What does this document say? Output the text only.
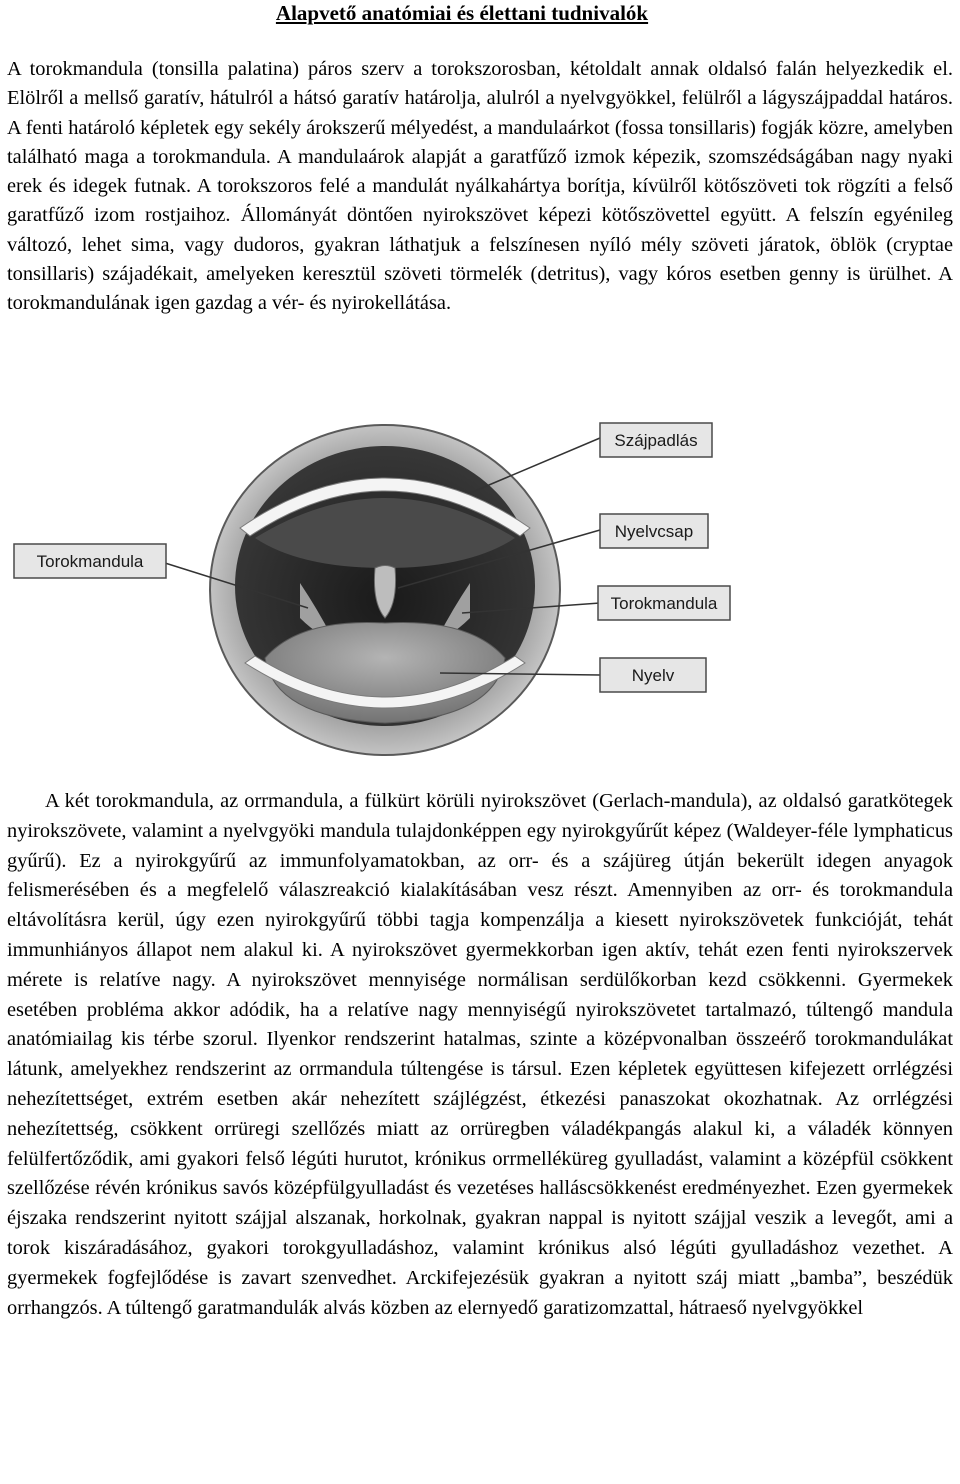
Alapvető anatómiai és élettani tudnivalók

A torokmandula (tonsilla palatina) páros szerv a torokszorosban, kétoldalt annak oldalsó falán helyezkedik el. Elölről a mellső garatív, hátulról a hátsó garatív határolja, alulról a nyelvgyökkel, felülről a lágyszájpaddal határos. A fenti határoló képletek egy sekély árokszerű mélyedést, a mandulaárkot (fossa tonsillaris) fogják közre, amelyben található maga a torokmandula. A mandulaárok alapját a garatfűző izmok képezik, szomszédságában nagy nyaki erek és idegek futnak. A torokszoros felé a mandulát nyálkahártya borítja, kívülről kötőszöveti tok rögzíti a felső garatfűző izom rostjaihoz. Állományát döntően nyirokszövet képezi kötőszövettel együtt. A felszín egyénileg változó, lehet sima, vagy dudoros, gyakran láthatjuk a felszínesen nyíló mély szöveti járatok, öblök (cryptae tonsillaris) szájadékait, amelyeken keresztül szöveti törmelék (detritus), vagy kóros esetben genny is ürülhet. A torokmandulának igen gazdag a vér- és nyirokellátása.

Szájpadlás
Nyelvcsap
Torokmandula
Torokmandula
Nyelv

A két torokmandula, az orrmandula, a fülkürt körüli nyirokszövet (Gerlach-mandula), az oldalsó garatkötegek nyirokszövete, valamint a nyelvgyöki mandula tulajdonképpen egy nyirokgyűrűt képez (Waldeyer-féle lymphaticus gyűrű). Ez a nyirokgyűrű az immunfolyamatokban, az orr- és a szájüreg útján bekerült idegen anyagok felismerésében és a megfelelő válaszreakció kialakításában vesz részt. Amennyiben az orr- és torokmandula eltávolításra kerül, úgy ezen nyirokgyűrű többi tagja kompenzálja a kiesett nyirokszövetek funkcióját, tehát immunhiányos állapot nem alakul ki. A nyirokszövet gyermekkorban igen aktív, tehát ezen fenti nyirokszervek mérete is relatíve nagy. A nyirokszövet mennyisége normálisan serdülőkorban kezd csökkenni. Gyermekek esetében probléma akkor adódik, ha a relatíve nagy mennyiségű nyirokszövetet tartalmazó, túltengő mandula anatómiailag kis térbe szorul. Ilyenkor rendszerint hatalmas, szinte a középvonalban összeérő torokmandulákat látunk, amelyekhez rendszerint az orrmandula túltengése is társul. Ezen képletek együttesen kifejezett orrlégzési nehezítettséget, extrém esetben akár nehezített szájlégzést, étkezési panaszokat okozhatnak. Az orrlégzési nehezítettség, csökkent orrüregi szellőzés miatt az orrüregben váladékpangás alakul ki, a váladék könnyen felülfertőződik, ami gyakori felső légúti hurutot, krónikus orrmelléküreg gyulladást, valamint a középfül csökkent szellőzése révén krónikus savós középfülgyulladást és vezetéses halláscsökkenést eredményezhet. Ezen gyermekek éjszaka rendszerint nyitott szájjal alszanak, horkolnak, gyakran nappal is nyitott szájjal veszik a levegőt, ami a torok kiszáradásához, gyakori torokgyulladáshoz, valamint krónikus alsó légúti gyulladáshoz vezethet. A gyermekek fogfejlődése is zavart szenvedhet. Arckifejezésük gyakran a nyitott száj miatt „bamba”, beszédük orrhangzós. A túltengő garatmandulák alvás közben az elernyedő garatizomzattal, hátraeső nyelvgyökkel
